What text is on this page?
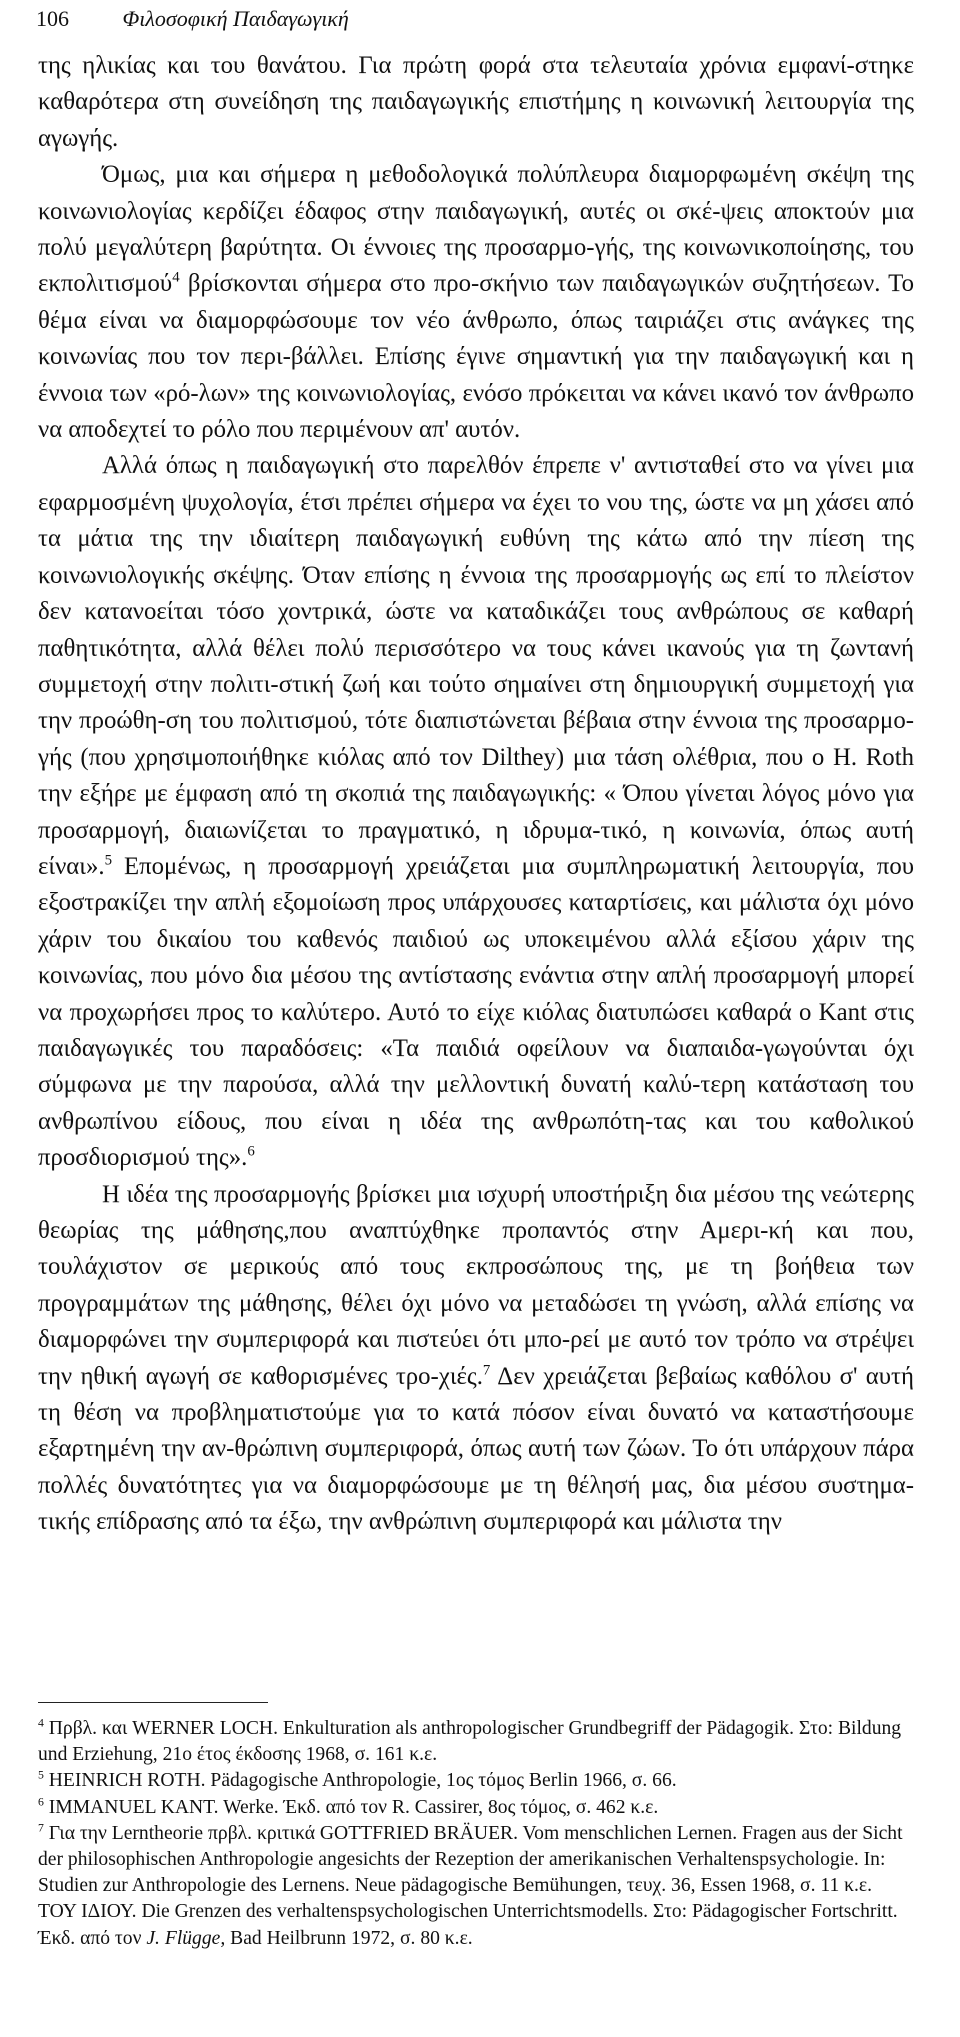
106 Φιλοσοφική Παιδαγωγική

της ηλικίας και του θανάτου. Για πρώτη φορά στα τελευταία χρόνια εμφανί-στηκε καθαρότερα στη συνείδηση της παιδαγωγικής επιστήμης η κοινωνική λειτουργία της αγωγής.

Όμως, μια και σήμερα η μεθοδολογικά πολύπλευρα διαμορφωμένη σκέψη της κοινωνιολογίας κερδίζει έδαφος στην παιδαγωγική, αυτές οι σκέ-ψεις αποκτούν μια πολύ μεγαλύτερη βαρύτητα. Οι έννοιες της προσαρμο-γής, της κοινωνικοποίησης, του εκπολιτισμού$^4$ βρίσκονται σήμερα στο προ-σκήνιο των παιδαγωγικών συζητήσεων. Το θέμα είναι να διαμορφώσουμε τον νέο άνθρωπο, όπως ταιριάζει στις ανάγκες της κοινωνίας που τον περι-βάλλει. Επίσης έγινε σημαντική για την παιδαγωγική και η έννοια των «ρό-λων» της κοινωνιολογίας, ενόσο πρόκειται να κάνει ικανό τον άνθρωπο να αποδεχτεί το ρόλο που περιμένουν απ' αυτόν.

Αλλά όπως η παιδαγωγική στο παρελθόν έπρεπε ν' αντισταθεί στο να γίνει μια εφαρμοσμένη ψυχολογία, έτσι πρέπει σήμερα να έχει το νου της, ώστε να μη χάσει από τα μάτια της την ιδιαίτερη παιδαγωγική ευθύνη της κάτω από την πίεση της κοινωνιολογικής σκέψης. Όταν επίσης η έννοια της προσαρμογής ως επί το πλείστον δεν κατανοείται τόσο χοντρικά, ώστε να καταδικάζει τους ανθρώπους σε καθαρή παθητικότητα, αλλά θέλει πολύ περισσότερο να τους κάνει ικανούς για τη ζωντανή συμμετοχή στην πολιτι-στική ζωή και τούτο σημαίνει στη δημιουργική συμμετοχή για την προώθη-ση του πολιτισμού, τότε διαπιστώνεται βέβαια στην έννοια της προσαρμο-γής (που χρησιμοποιήθηκε κιόλας από τον Dilthey) μια τάση ολέθρια, που ο H. Roth την εξήρε με έμφαση από τη σκοπιά της παιδαγωγικής: « Όπου γίνεται λόγος μόνο για προσαρμογή, διαιωνίζεται το πραγματικό, η ιδρυμα-τικό, η κοινωνία, όπως αυτή είναι».$^5$ Επομένως, η προσαρμογή χρειάζεται μια συμπληρωματική λειτουργία, που εξοστρακίζει την απλή εξομοίωση προς υπάρχουσες καταρτίσεις, και μάλιστα όχι μόνο χάριν του δικαίου του καθενός παιδιού ως υποκειμένου αλλά εξίσου χάριν της κοινωνίας, που μόνο δια μέσου της αντίστασης ενάντια στην απλή προσαρμογή μπορεί να προχωρήσει προς το καλύτερο. Αυτό το είχε κιόλας διατυπώσει καθαρά ο Kant στις παιδαγωγικές του παραδόσεις: «Τα παιδιά οφείλουν να διαπαιδα-γωγούνται όχι σύμφωνα με την παρούσα, αλλά την μελλοντική δυνατή καλύ-τερη κατάσταση του ανθρωπίνου είδους, που είναι η ιδέα της ανθρωπότη-τας και του καθολικού προσδιορισμού της».$^6$

Η ιδέα της προσαρμογής βρίσκει μια ισχυρή υποστήριξη δια μέσου της νεώτερης θεωρίας της μάθησης,που αναπτύχθηκε προπαντός στην Αμερι-κή και που, τουλάχιστον σε μερικούς από τους εκπροσώπους της, με τη βοήθεια των προγραμμάτων της μάθησης, θέλει όχι μόνο να μεταδώσει τη γνώση, αλλά επίσης να διαμορφώνει την συμπεριφορά και πιστεύει ότι μπο-ρεί με αυτό τον τρόπο να στρέψει την ηθική αγωγή σε καθορισμένες τρο-χιές.$^7$ Δεν χρειάζεται βεβαίως καθόλου σ' αυτή τη θέση να προβληματιστούμε για το κατά πόσον είναι δυνατό να καταστήσουμε εξαρτημένη την αν-θρώπινη συμπεριφορά, όπως αυτή των ζώων. Το ότι υπάρχουν πάρα πολλές δυνατότητες για να διαμορφώσουμε με τη θέλησή μας, δια μέσου συστημα-τικής επίδρασης από τα έξω, την ανθρώπινη συμπεριφορά και μάλιστα την

$^4$ Πρβλ. και WERNER LOCH. Enkulturation als anthropologischer Grundbegriff der Pädagogik. Στο: Bildung und Erziehung, 21ο έτος έκδοσης 1968, σ. 161 κ.ε.

$^5$ HEINRICH ROTH. Pädagogische Anthropologie, 1ος τόμος Berlin 1966, σ. 66.

$^6$ IMMANUEL KANT. Werke. Έκδ. από τον R. Cassirer, 8ος τόμος, σ. 462 κ.ε.

$^7$ Για την Lerntheorie πρβλ. κριτικά GOTTFRIED BRÄUER. Vom menschlichen Lernen. Fragen aus der Sicht der philosophischen Anthropologie angesichts der Rezeption der amerikanischen Verhaltenspsychologie. In: Studien zur Anthropologie des Lernens. Neue pädagogische Bemühungen, τευχ. 36, Essen 1968, σ. 11 κ.ε. ΤΟΥ ΙΔΙΟΥ. Die Grenzen des verhaltenspsychologischen Unterrichtsmodells. Στο: Pädagogischer Fortschritt. Έκδ. από τον J. Flügge, Bad Heilbrunn 1972, σ. 80 κ.ε.
